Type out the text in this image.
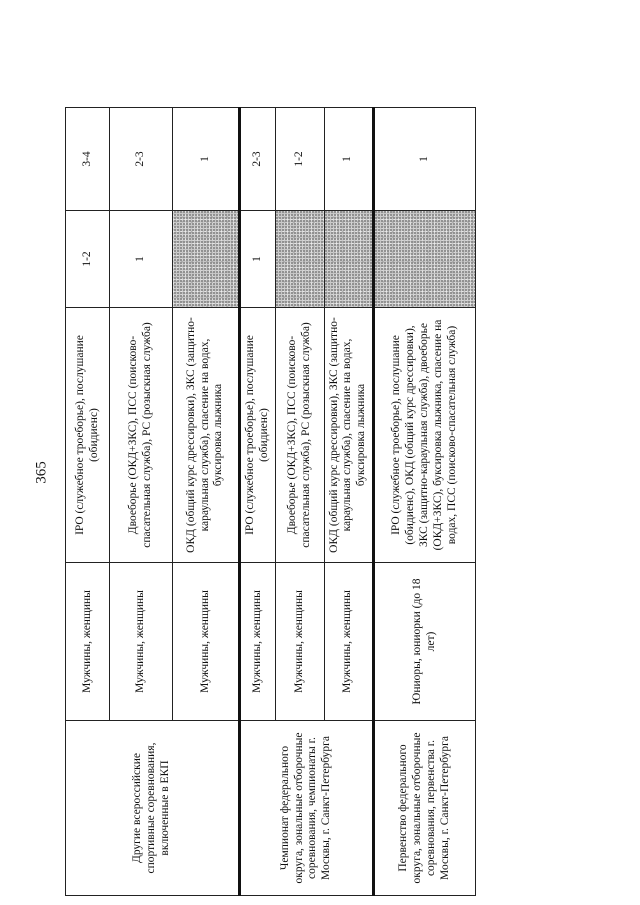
365
Другие всероссийские спортивные соревнования, включенные в ЕКП	Мужчины, женщины	IPO (служебное троеборье), послушание (обидиенс)	1-2	3-4
	Мужчины, женщины	Двоеборье (ОКД+ЗКС), ПСС (поисково-спасательная служба), РС (розыскная служба)	1	2-3
	Мужчины, женщины	ОКД (общий курс дрессировки), ЗКС (защитно-караульная служба), спасение на водах, буксировка лыжника		1
Чемпионат федерального округа, зональные отборочные соревнования, чемпионаты г. Москвы, г. Санкт-Петербурга	Мужчины, женщины	IPO (служебное троеборье), послушание (обидиенс)	1	2-3
	Мужчины, женщины	Двоеборье (ОКД+ЗКС), ПСС (поисково-спасательная служба), РС (розыскная служба)		1-2
	Мужчины, женщины	ОКД (общий курс дрессировки), ЗКС (защитно-караульная служба), спасение на водах, буксировка лыжника		1
Первенство федерального округа, зональные отборочные соревнования, первенства г. Москвы, г. Санкт-Петербурга	Юниоры, юниорки (до 18 лет)	IPO (служебное троеборье), послушание (обидиенс), ОКД (общий курс дрессировки), ЗКС (защитно-караульная служба), двоеборье (ОКД+ЗКС), буксировка лыжника, спасение на водах, ПСС (поисково-спасательная служба)		1
